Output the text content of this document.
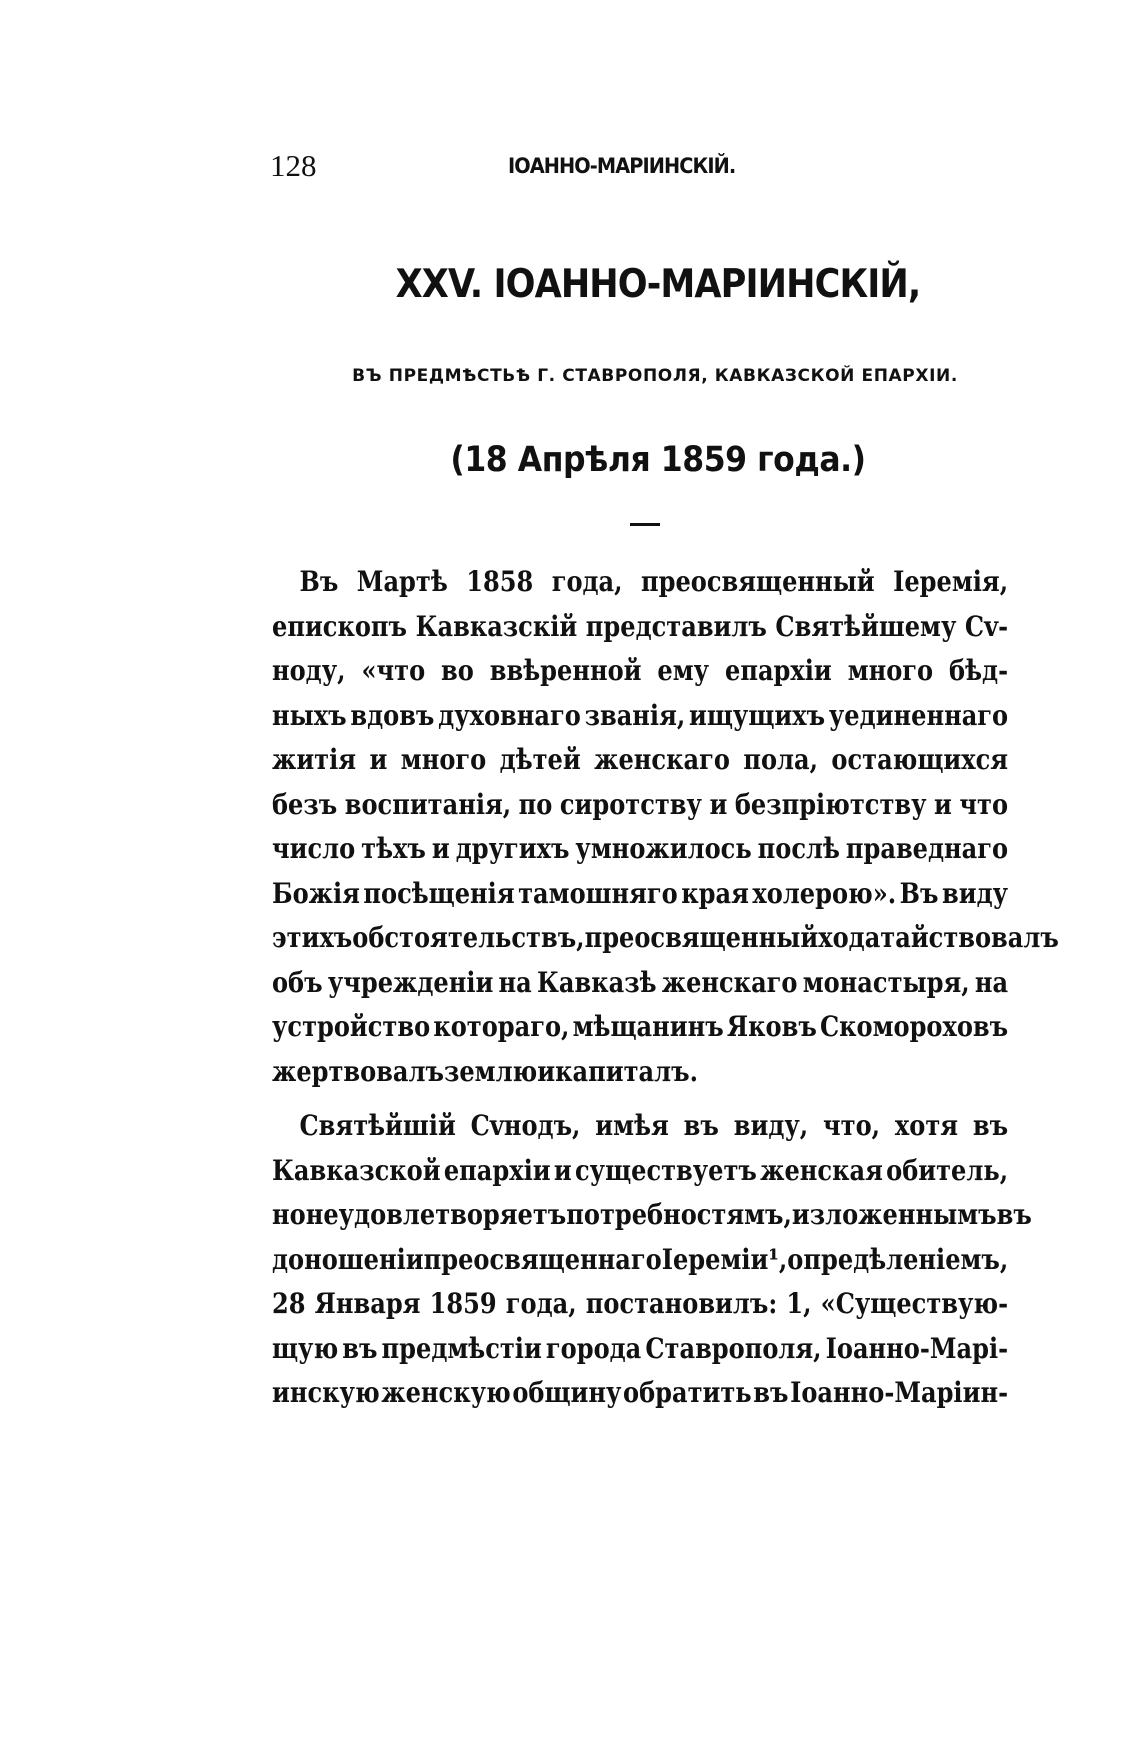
128	ІОАННО-МАРІИНСКІЙ.
XXV. ІОАННО-МАРІИНСКІЙ,
ВЪ ПРЕДМѢСТЬѢ Г. СТАВРОПОЛЯ, КАВКАЗСКОЙ ЕПАРХІИ.
(18 Апрѣля 1859 года.)
Въ Мартѣ 1858 года, преосвященный Іеремія,
епископъ Кавказскій представилъ Святѣйшему Сv-
ноду, «что во ввѣренной ему епархіи много бѣд-
ныхъ вдовъ духовнаго званія, ищущихъ уединеннаго
житія и много дѣтей женскаго пола, остающихся
безъ воспитанія, по сиротству и безпріютству и что
число тѣхъ и другихъ умножилось послѣ праведнаго
Божія посѣщенія тамошняго края холерою». Въ виду
этихъ обстоятельствъ, преосвященный ходатайствовалъ
объ учрежденіи на Кавказѣ женскаго монастыря, на
устройство котораго, мѣщанинъ Яковъ Скомороховъ
жертвовалъ землю и капиталъ.
Святѣйшій Сvнодъ, имѣя въ виду, что, хотя въ
Кавказской епархіи и существуетъ женская обитель,
но не удовлетворяетъ потребностямъ, изложеннымъ въ
доношеніи преосвященнаго Іереміи ¹, опредѣленіемъ,
28 Января 1859 года, постановилъ: 1, «Существую-
щую въ предмѣстіи города Ставрополя, Іоанно-Марі-
инскую женскую общину обратить въ Іоанно-Маріин-
